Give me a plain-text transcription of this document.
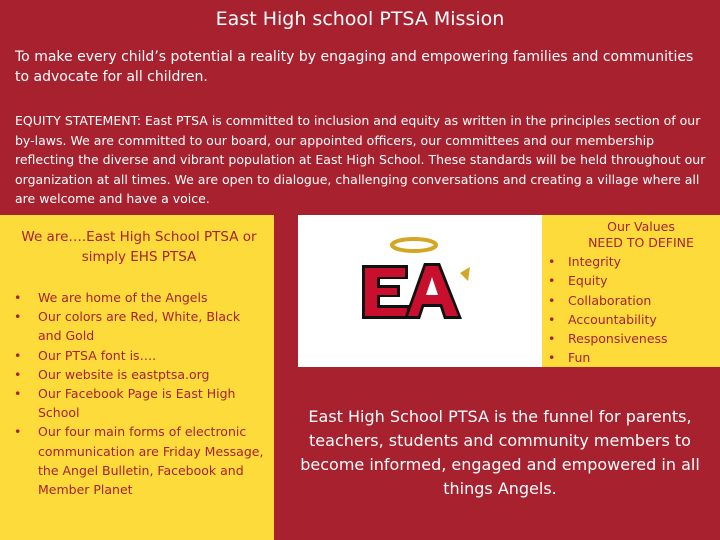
East High school PTSA Mission

To make every child’s potential a reality by engaging and empowering families and communities to advocate for all children.

EQUITY STATEMENT: East PTSA is committed to inclusion and equity as written in the principles section of our by-laws. We are committed to our board, our appointed officers, our committees and our membership reflecting the diverse and vibrant population at East High School. These standards will be held throughout our organization at all times. We are open to dialogue, challenging conversations and creating a village where all are welcome and have a voice.

We are….East High School PTSA or simply EHS PTSA
• We are home of the Angels
• Our colors are Red, White, Black and Gold
• Our PTSA font is….
• Our website is eastptsa.org
• Our Facebook Page is East High School
• Our four main forms of electronic communication are Friday Message, the Angel Bulletin, Facebook and Member Planet
Our Values
NEED TO DEFINE
• Integrity
• Equity
• Collaboration
• Accountability
• Responsiveness
• Fun

East High School PTSA is the funnel for parents, teachers, students and community members to become informed, engaged and empowered in all things Angels.
